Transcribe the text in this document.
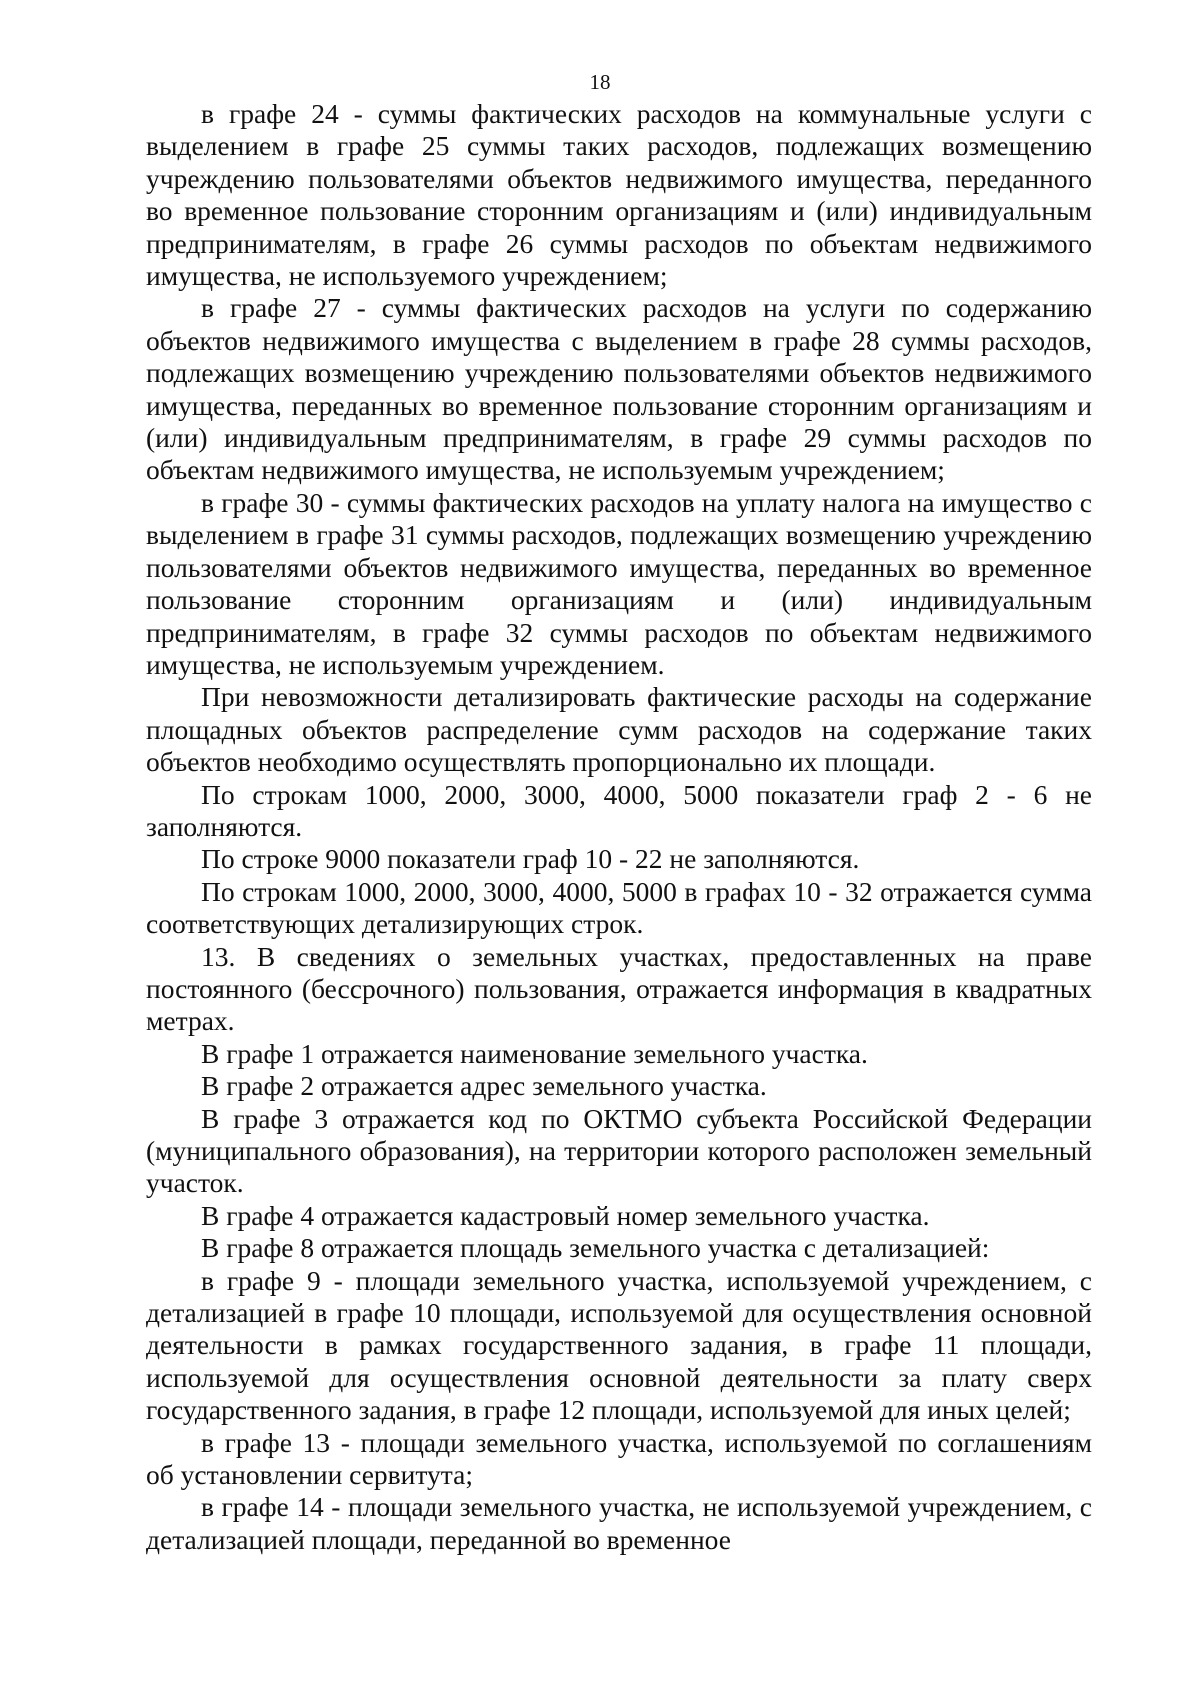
18

в графе 24 - суммы фактических расходов на коммунальные услуги с выделением в графе 25 суммы таких расходов, подлежащих возмещению учреждению пользователями объектов недвижимого имущества, переданного во временное пользование сторонним организациям и (или) индивидуальным предпринимателям, в графе 26 суммы расходов по объектам недвижимого имущества, не используемого учреждением;

в графе 27 - суммы фактических расходов на услуги по содержанию объектов недвижимого имущества с выделением в графе 28 суммы расходов, подлежащих возмещению учреждению пользователями объектов недвижимого имущества, переданных во временное пользование сторонним организациям и (или) индивидуальным предпринимателям, в графе 29 суммы расходов по объектам недвижимого имущества, не используемым учреждением;

в графе 30 - суммы фактических расходов на уплату налога на имущество с выделением в графе 31 суммы расходов, подлежащих возмещению учреждению пользователями объектов недвижимого имущества, переданных во временное пользование сторонним организациям и (или) индивидуальным предпринимателям, в графе 32 суммы расходов по объектам недвижимого имущества, не используемым учреждением.

При невозможности детализировать фактические расходы на содержание площадных объектов распределение сумм расходов на содержание таких объектов необходимо осуществлять пропорционально их площади.

По строкам 1000, 2000, 3000, 4000, 5000 показатели граф 2 - 6 не заполняются.

По строке 9000 показатели граф 10 - 22 не заполняются.

По строкам 1000, 2000, 3000, 4000, 5000 в графах 10 - 32 отражается сумма соответствующих детализирующих строк.

13. В сведениях о земельных участках, предоставленных на праве постоянного (бессрочного) пользования, отражается информация в квадратных метрах.

В графе 1 отражается наименование земельного участка.

В графе 2 отражается адрес земельного участка.

В графе 3 отражается код по ОКТМО субъекта Российской Федерации (муниципального образования), на территории которого расположен земельный участок.

В графе 4 отражается кадастровый номер земельного участка.

В графе 8 отражается площадь земельного участка с детализацией:

в графе 9 - площади земельного участка, используемой учреждением, с детализацией в графе 10 площади, используемой для осуществления основной деятельности в рамках государственного задания, в графе 11 площади, используемой для осуществления основной деятельности за плату сверх государственного задания, в графе 12 площади, используемой для иных целей;

в графе 13 - площади земельного участка, используемой по соглашениям об установлении сервитута;

в графе 14 - площади земельного участка, не используемой учреждением, с детализацией площади, переданной во временное
